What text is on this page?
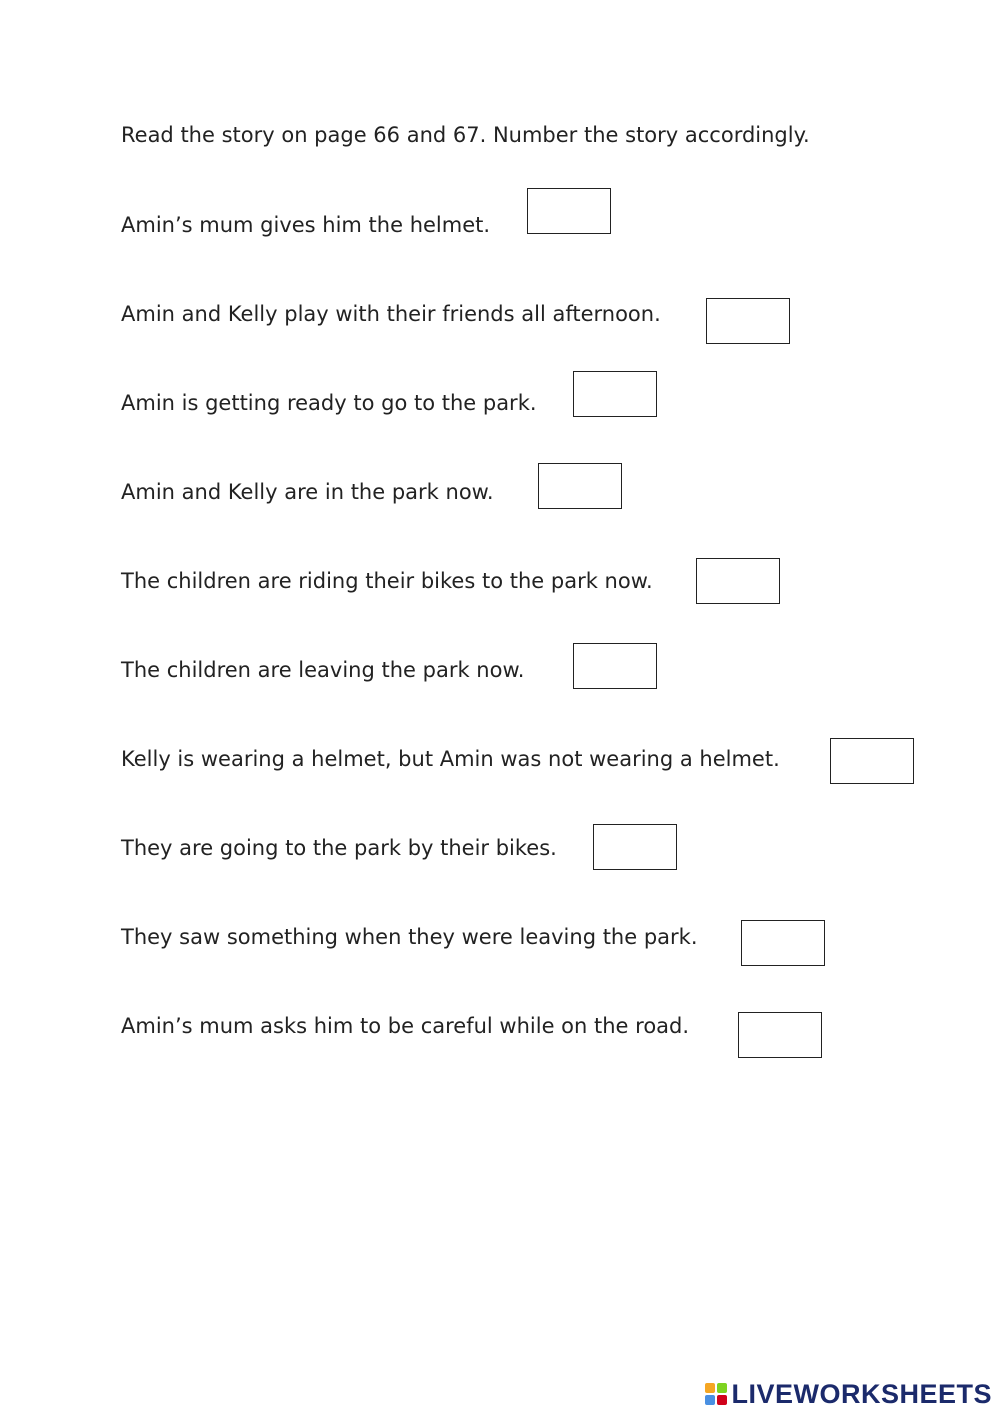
Read the story on page 66 and 67. Number the story accordingly.
Amin’s mum gives him the helmet.
Amin and Kelly play with their friends all afternoon.
Amin is getting ready to go to the park.
Amin and Kelly are in the park now.
The children are riding their bikes to the park now.
The children are leaving the park now.
Kelly is wearing a helmet, but Amin was not wearing a helmet.
They are going to the park by their bikes.
They saw something when they were leaving the park.
Amin’s mum asks him to be careful while on the road.
LIVEWORKSHEETS
